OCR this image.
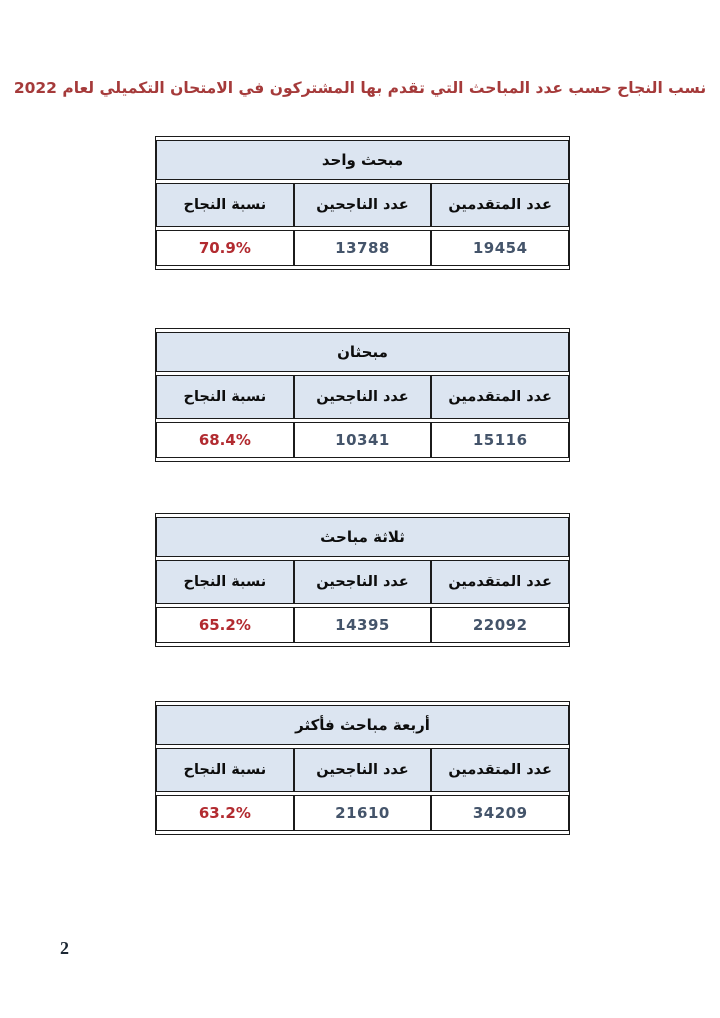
نسب النجاح حسب عدد المباحث التي تقدم بها المشتركون في الامتحان التكميلي لعام 2022
مبحث واحد		
عدد المتقدمين	عدد الناجحين	نسبة النجاح
19454	13788	70.9%
مبحثان		
عدد المتقدمين	عدد الناجحين	نسبة النجاح
15116	10341	68.4%
ثلاثة مباحث		
عدد المتقدمين	عدد الناجحين	نسبة النجاح
22092	14395	65.2%
أربعة مباحث فأكثر		
عدد المتقدمين	عدد الناجحين	نسبة النجاح
34209	21610	63.2%
2
